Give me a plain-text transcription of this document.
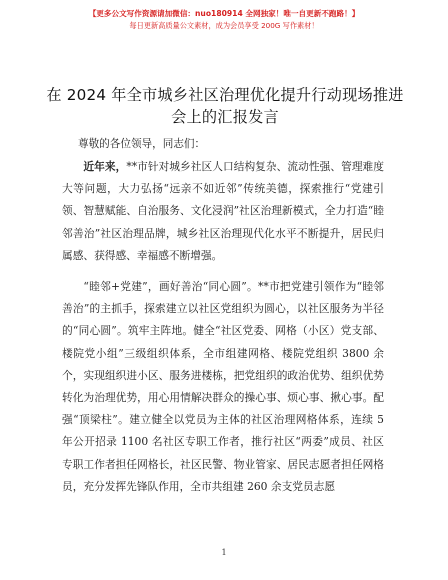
【更多公文写作资源请加微信：nuo180914 全网独家！唯一自更新不跑路！】
每日更新高质量公文素材，成为会员享受 200G 写作素材！
在 2024 年全市城乡社区治理优化提升行动现场推进会上的汇报发言
尊敬的各位领导，同志们：

近年来，**市针对城乡社区人口结构复杂、流动性强、管理难度大等问题，大力弘扬“远亲不如近邻”传统美德，探索推行“党建引领、智慧赋能、自治服务、文化浸润”社区治理新模式，全力打造“睦邻善治”社区治理品牌，城乡社区治理现代化水平不断提升，居民归属感、获得感、幸福感不断增强。

“睦邻+党建”，画好善治“同心圆”。**市把党建引领作为“睦邻善治”的主抓手，探索建立以社区党组织为圆心，以社区服务为半径的“同心圆”。筑牢主阵地。健全“社区党委、网格（小区）党支部、楼院党小组”三级组织体系，全市组建网格、楼院党组织 3800 余个，实现组织进小区、服务进楼栋，把党组织的政治优势、组织优势转化为治理优势，用心用情解决群众的操心事、烦心事、揪心事。配强“顶梁柱”。建立健全以党员为主体的社区治理网格体系，连续 5 年公开招录 1100 名社区专职工作者，推行社区“两委”成员、社区专职工作者担任网格长，社区民警、物业管家、居民志愿者担任网格员，充分发挥先锋队作用，全市共组建 260 余支党员志愿

1
